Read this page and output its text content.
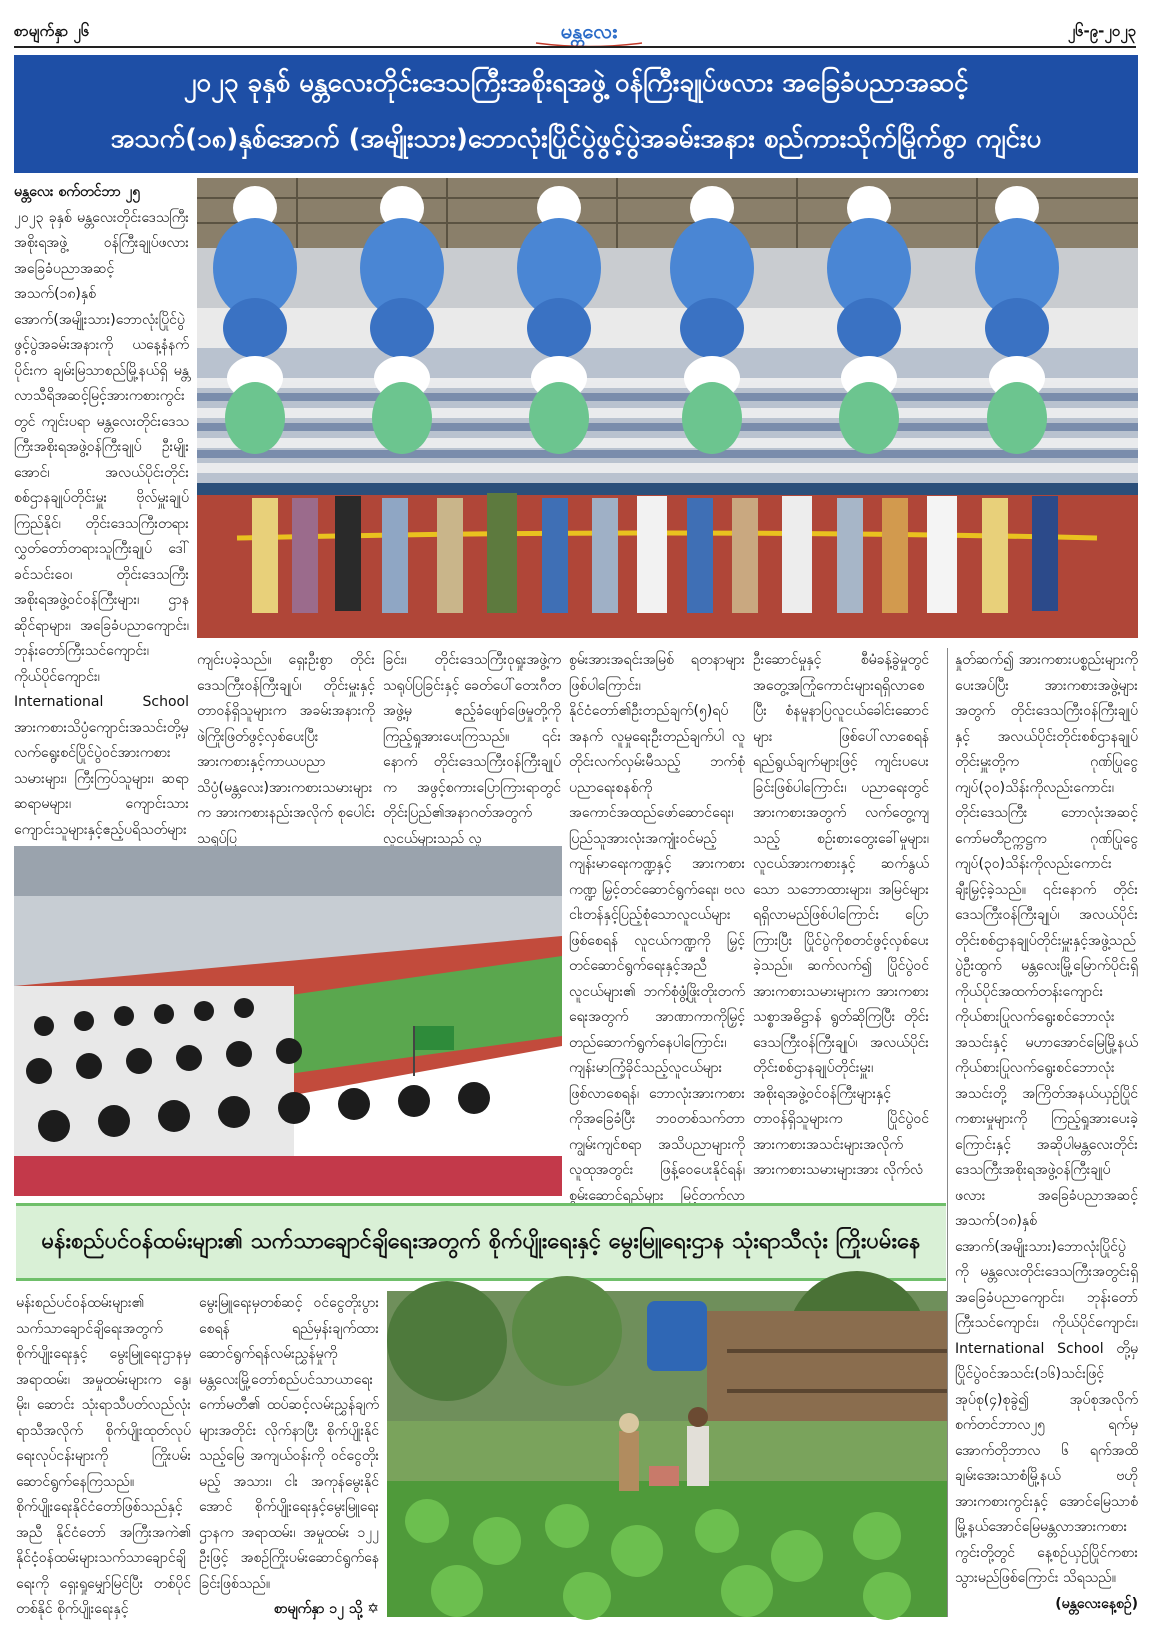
စာမျက်နှာ ၂၆	မန္တလေး	၂၆-၉-၂၀၂၃
၂၀၂၃ ခုနှစ် မန္တလေးတိုင်းဒေသကြီးအစိုးရအဖွဲ့ ဝန်ကြီးချုပ်ဖလား အခြေခံပညာအဆင့်
အသက်(၁၈)နှစ်အောက် (အမျိုးသား)ဘောလုံးပြိုင်ပွဲဖွင့်ပွဲအခမ်းအနား စည်ကားသိုက်မြိုက်စွာ ကျင်းပ
မန္တလေး စက်တင်ဘာ ၂၅
၂၀၂၃ ခုနှစ် မန္တလေးတိုင်းဒေသကြီးအစိုးရအဖွဲ့ ဝန်ကြီးချုပ်ဖလားအခြေခံပညာအဆင့် အသက်(၁၈)နှစ်အောက်(အမျိုးသား)ဘောလုံးပြိုင်ပွဲဖွင့်ပွဲအခမ်းအနားကို ယနေ့နံနက်ပိုင်းက ချမ်းမြသာစည်မြို့နယ်ရှိ မန္တလာသီရိအဆင့်မြင့်အားကစားကွင်းတွင် ကျင်းပရာ မန္တလေးတိုင်းဒေသကြီးအစိုးရအဖွဲ့ဝန်ကြီးချုပ် ဦးမျိုးအောင်၊ အလယ်ပိုင်းတိုင်းစစ်ဌာနချုပ်တိုင်းမှူး ဗိုလ်မှူးချုပ်ကြည်နိုင်၊ တိုင်းဒေသကြီးတရားလွှတ်တော်တရားသူကြီးချုပ် ဒေါ်ခင်သင်းဝေ၊ တိုင်းဒေသကြီးအစိုးရအဖွဲ့ဝင်ဝန်ကြီးများ၊ ဌာနဆိုင်ရာများ၊ အခြေခံပညာကျောင်း၊ ဘုန်းတော်ကြီးသင်ကျောင်း၊ ကိုယ်ပိုင်ကျောင်း၊ International School အားကစားသိပ္ပံကျောင်းအသင်းတို့မှ လက်ရွေးစင်ပြိုင်ပွဲဝင်အားကစားသမားများ၊ ကြီးကြပ်သူများ၊ ဆရာဆရာမများ၊ ကျောင်းသားကျောင်းသူများနှင့်ဧည့်ပရိသတ်များ
ကျင်းပခဲ့သည်။ ရှေးဦးစွာ တိုင်းဒေသကြီးဝန်ကြီးချုပ်၊ တိုင်းမှူးနှင့်တာဝန်ရှိသူများက အခမ်းအနားကို ဖဲကြိုးဖြတ်ဖွင့်လှစ်ပေးပြီး အားကစားနှင့်ကာယပညာသိပ္ပံ(မန္တလေး)အားကစားသမားများက အားကစားနည်းအလိုက် စုပေါင်းသရုပ်ပြ
ခြင်း၊ တိုင်းဒေသကြီးဝုရှုးအဖွဲ့ကသရုပ်ပြခြင်းနှင့် ခေတ်ပေါ်တေးဂီတအဖွဲ့မှ ဧည့်ခံဖျော်ဖြေမှုတို့ကို ကြည့်ရှုအားပေးကြသည်။ ၎င်းနောက် တိုင်းဒေသကြီးဝန်ကြီးချုပ်က အဖွင့်စကားပြောကြားရာတွင် တိုင်းပြည်၏အနာဂတ်အတွက် လူငယ်များသည် လူ
စွမ်းအားအရင်းအမြစ် ရတနာများဖြစ်ပါကြောင်း၊ နိုင်ငံတော်၏ဦးတည်ချက်(၅)ရပ်အနက် လူမှုရေးဦးတည်ချက်ပါ လူတိုင်းလက်လှမ်းမီသည့် ဘက်စုံပညာရေးစနစ်ကို အကောင်အထည်ဖော်ဆောင်ရေး၊ ပြည်သူအားလုံးအကျုံးဝင်မည့် ကျန်းမာရေးကဏ္ဍနှင့် အားကစားကဏ္ဍ မြှင့်တင်ဆောင်ရွက်ရေး၊ ဗလငါးတန်နှင့်ပြည့်စုံသောလူငယ်များဖြစ်စေရန် လူငယ်ကဏ္ဍကို မြှင့်တင်ဆောင်ရွက်ရေးနှင့်အညီ လူငယ်များ၏ ဘက်စုံဖွံ့ဖြိုးတိုးတက်ရေးအတွက် အာဏာကာကိုမြှင့်တည်ဆောက်ရွက်နေပါကြောင်း၊ ကျန်းမာကြံ့ခိုင်သည့်လူငယ်များ ဖြစ်လာစေရန်၊ ဘောလုံးအားကစားကိုအခြေခံပြီး ဘဝတစ်သက်တာကျွမ်းကျင်စရာ အသိပညာများကိုလူထုအတွင်း ဖြန့်ဝေပေးနိုင်ရန်၊ စွမ်းဆောင်ရည်များ မြင့်တက်လာ
ဦးဆောင်မှုနှင့် စီမံခန့်ခွဲမှုတွင်အတွေ့အကြုံကောင်းများရရှိလာစေပြီး စံနမူနာပြလူငယ်ခေါင်းဆောင်များ ဖြစ်ပေါ်လာစေရန် ရည်ရွယ်ချက်များဖြင့် ကျင်းပပေးခြင်းဖြစ်ပါကြောင်း၊ ပညာရေးတွင် အားကစားအတွက် လက်တွေ့ကျသည့် စဉ်းစားတွေးခေါ်မှုများ၊ လူငယ်အားကစားနှင့် ဆက်နွယ်သော သဘောထားများ၊ အမြင်များ ရရှိလာမည်ဖြစ်ပါကြောင်း ပြောကြားပြီး ပြိုင်ပွဲကိုစတင်ဖွင့်လှစ်ပေးခဲ့သည်။ ဆက်လက်၍ ပြိုင်ပွဲဝင်အားကစားသမားများက အားကစားသစ္စာအဓိဋ္ဌာန် ရွတ်ဆိုကြပြီး တိုင်းဒေသကြီးဝန်ကြီးချုပ်၊ အလယ်ပိုင်းတိုင်းစစ်ဌာနချုပ်တိုင်းမှူး၊ အစိုးရအဖွဲ့ဝင်ဝန်ကြီးများနှင့် တာဝန်ရှိသူများက ပြိုင်ပွဲဝင်အားကစားအသင်းများအလိုက်အားကစားသမားများအား လိုက်လံ
နှုတ်ဆက်၍ အားကစားပစ္စည်းများကို ပေးအပ်ပြီး အားကစားအဖွဲ့များအတွက် တိုင်းဒေသကြီးဝန်ကြီးချုပ်နှင့် အလယ်ပိုင်းတိုင်းစစ်ဌာနချုပ်တိုင်းမှူးတို့က ဂုဏ်ပြုငွေကျပ်(၃၀)သိန်းကိုလည်းကောင်း၊ တိုင်းဒေသကြီး ဘောလုံးအဆင့်ကော်မတီဥက္ကဋ္ဌက ဂုဏ်ပြုငွေကျပ်(၃၀)သိန်းကိုလည်းကောင်း ချီးမြှင့်ခဲ့သည်။ ၎င်းနောက် တိုင်းဒေသကြီးဝန်ကြီးချုပ်၊ အလယ်ပိုင်းတိုင်းစစ်ဌာနချုပ်တိုင်းမှူးနှင့်အဖွဲ့သည်ပွဲဦးထွက် မန္တလေးမြို့မြောက်ပိုင်းရှိ ကိုယ်ပိုင်အထက်တန်းကျောင်းကိုယ်စားပြုလက်ရွေးစင်ဘောလုံးအသင်းနှင့် မဟာအောင်မြေမြို့နယ်ကိုယ်စားပြုလက်ရွေးစင်ဘောလုံးအသင်းတို့ အကြိတ်အနယ်ယှဉ်ပြိုင်ကစားမှုများကို ကြည့်ရှုအားပေးခဲ့ကြောင်းနှင့် အဆိုပါမန္တလေးတိုင်းဒေသကြီးအစိုးရအဖွဲ့ဝန်ကြီးချုပ်ဖလား အခြေခံပညာအဆင့် အသက်(၁၈)နှစ်အောက်(အမျိုးသား)ဘောလုံးပြိုင်ပွဲကို မန္တလေးတိုင်းဒေသကြီးအတွင်းရှိ အခြေခံပညာကျောင်း၊ ဘုန်းတော်ကြီးသင်ကျောင်း၊ ကိုယ်ပိုင်ကျောင်း၊ International School တို့မှ ပြိုင်ပွဲဝင်အသင်း(၁၆)သင်းဖြင့် အုပ်စု(၄)စုခွဲ၍ အုပ်စုအလိုက် စက်တင်ဘာလ၂၅ ရက်မှအောက်တိုဘာလ ၆ ရက်အထိ ချမ်းအေးသာစံမြို့နယ် ဗဟိုအားကစားကွင်းနှင့် အောင်မြေသာစံမြို့နယ်အောင်မြေမန္တလာအားကစားကွင်းတို့တွင် နေ့စဉ်ယှဉ်ပြိုင်ကစားသွားမည်ဖြစ်ကြောင်း သိရသည်။
(မန္တလေးနေ့စဉ်)
မန်းစည်ပင်ဝန်ထမ်းများ၏ သက်သာချောင်ချိရေးအတွက် စိုက်ပျိုးရေးနှင့် မွေးမြူရေးဌာန သုံးရာသီလုံး ကြိုးပမ်းနေ
မန်းစည်ပင်ဝန်ထမ်းများ၏ သက်သာချောင်ချိရေးအတွက် စိုက်ပျိုးရေးနှင့် မွေးမြူရေးဌာနမှ အရာထမ်း၊ အမှုထမ်းများက နွေ၊ မိုး၊ ဆောင်း သုံးရာသီပတ်လည်လုံး ရာသီအလိုက် စိုက်ပျိုးထုတ်လုပ်ရေးလုပ်ငန်းများကို ကြိုးပမ်းဆောင်ရွက်နေကြသည်။ စိုက်ပျိုးရေးနိုင်ငံတော်ဖြစ်သည်နှင့်အညီ နိုင်ငံတော် အကြီးအကဲ၏ နိုင်ငံ့ဝန်ထမ်းများသက်သာချောင်ချိရေးကို ရှေးရှုမျှော်မြင်ပြီး တစ်ပိုင်တစ်နိုင် စိုက်ပျိုးရေးနှင့်
မွေးမြူရေးမှတစ်ဆင့် ဝင်ငွေတိုးပွားစေရန် ရည်မှန်းချက်ထား ဆောင်ရွက်ရန်လမ်းညွှန်မှုကို မန္တလေးမြို့တော်စည်ပင်သာယာရေးကော်မတီ၏ ထပ်ဆင့်လမ်းညွှန်ချက်များအတိုင်း လိုက်နာပြီး စိုက်ပျိုးနိုင်သည့်မြေ အကျယ်ဝန်းကို ဝင်ငွေတိုးမည့် အသား၊ ငါး အကုန်မွေးနိုင်အောင် စိုက်ပျိုးရေးနှင့်မွေးမြူရေးဌာနက အရာထမ်း၊ အမှုထမ်း ၁၂၂ ဦးဖြင့် အစဉ်ကြိုးပမ်းဆောင်ရွက်နေခြင်းဖြစ်သည်။
စာမျက်နှာ ၁၂ သို့ ✡
